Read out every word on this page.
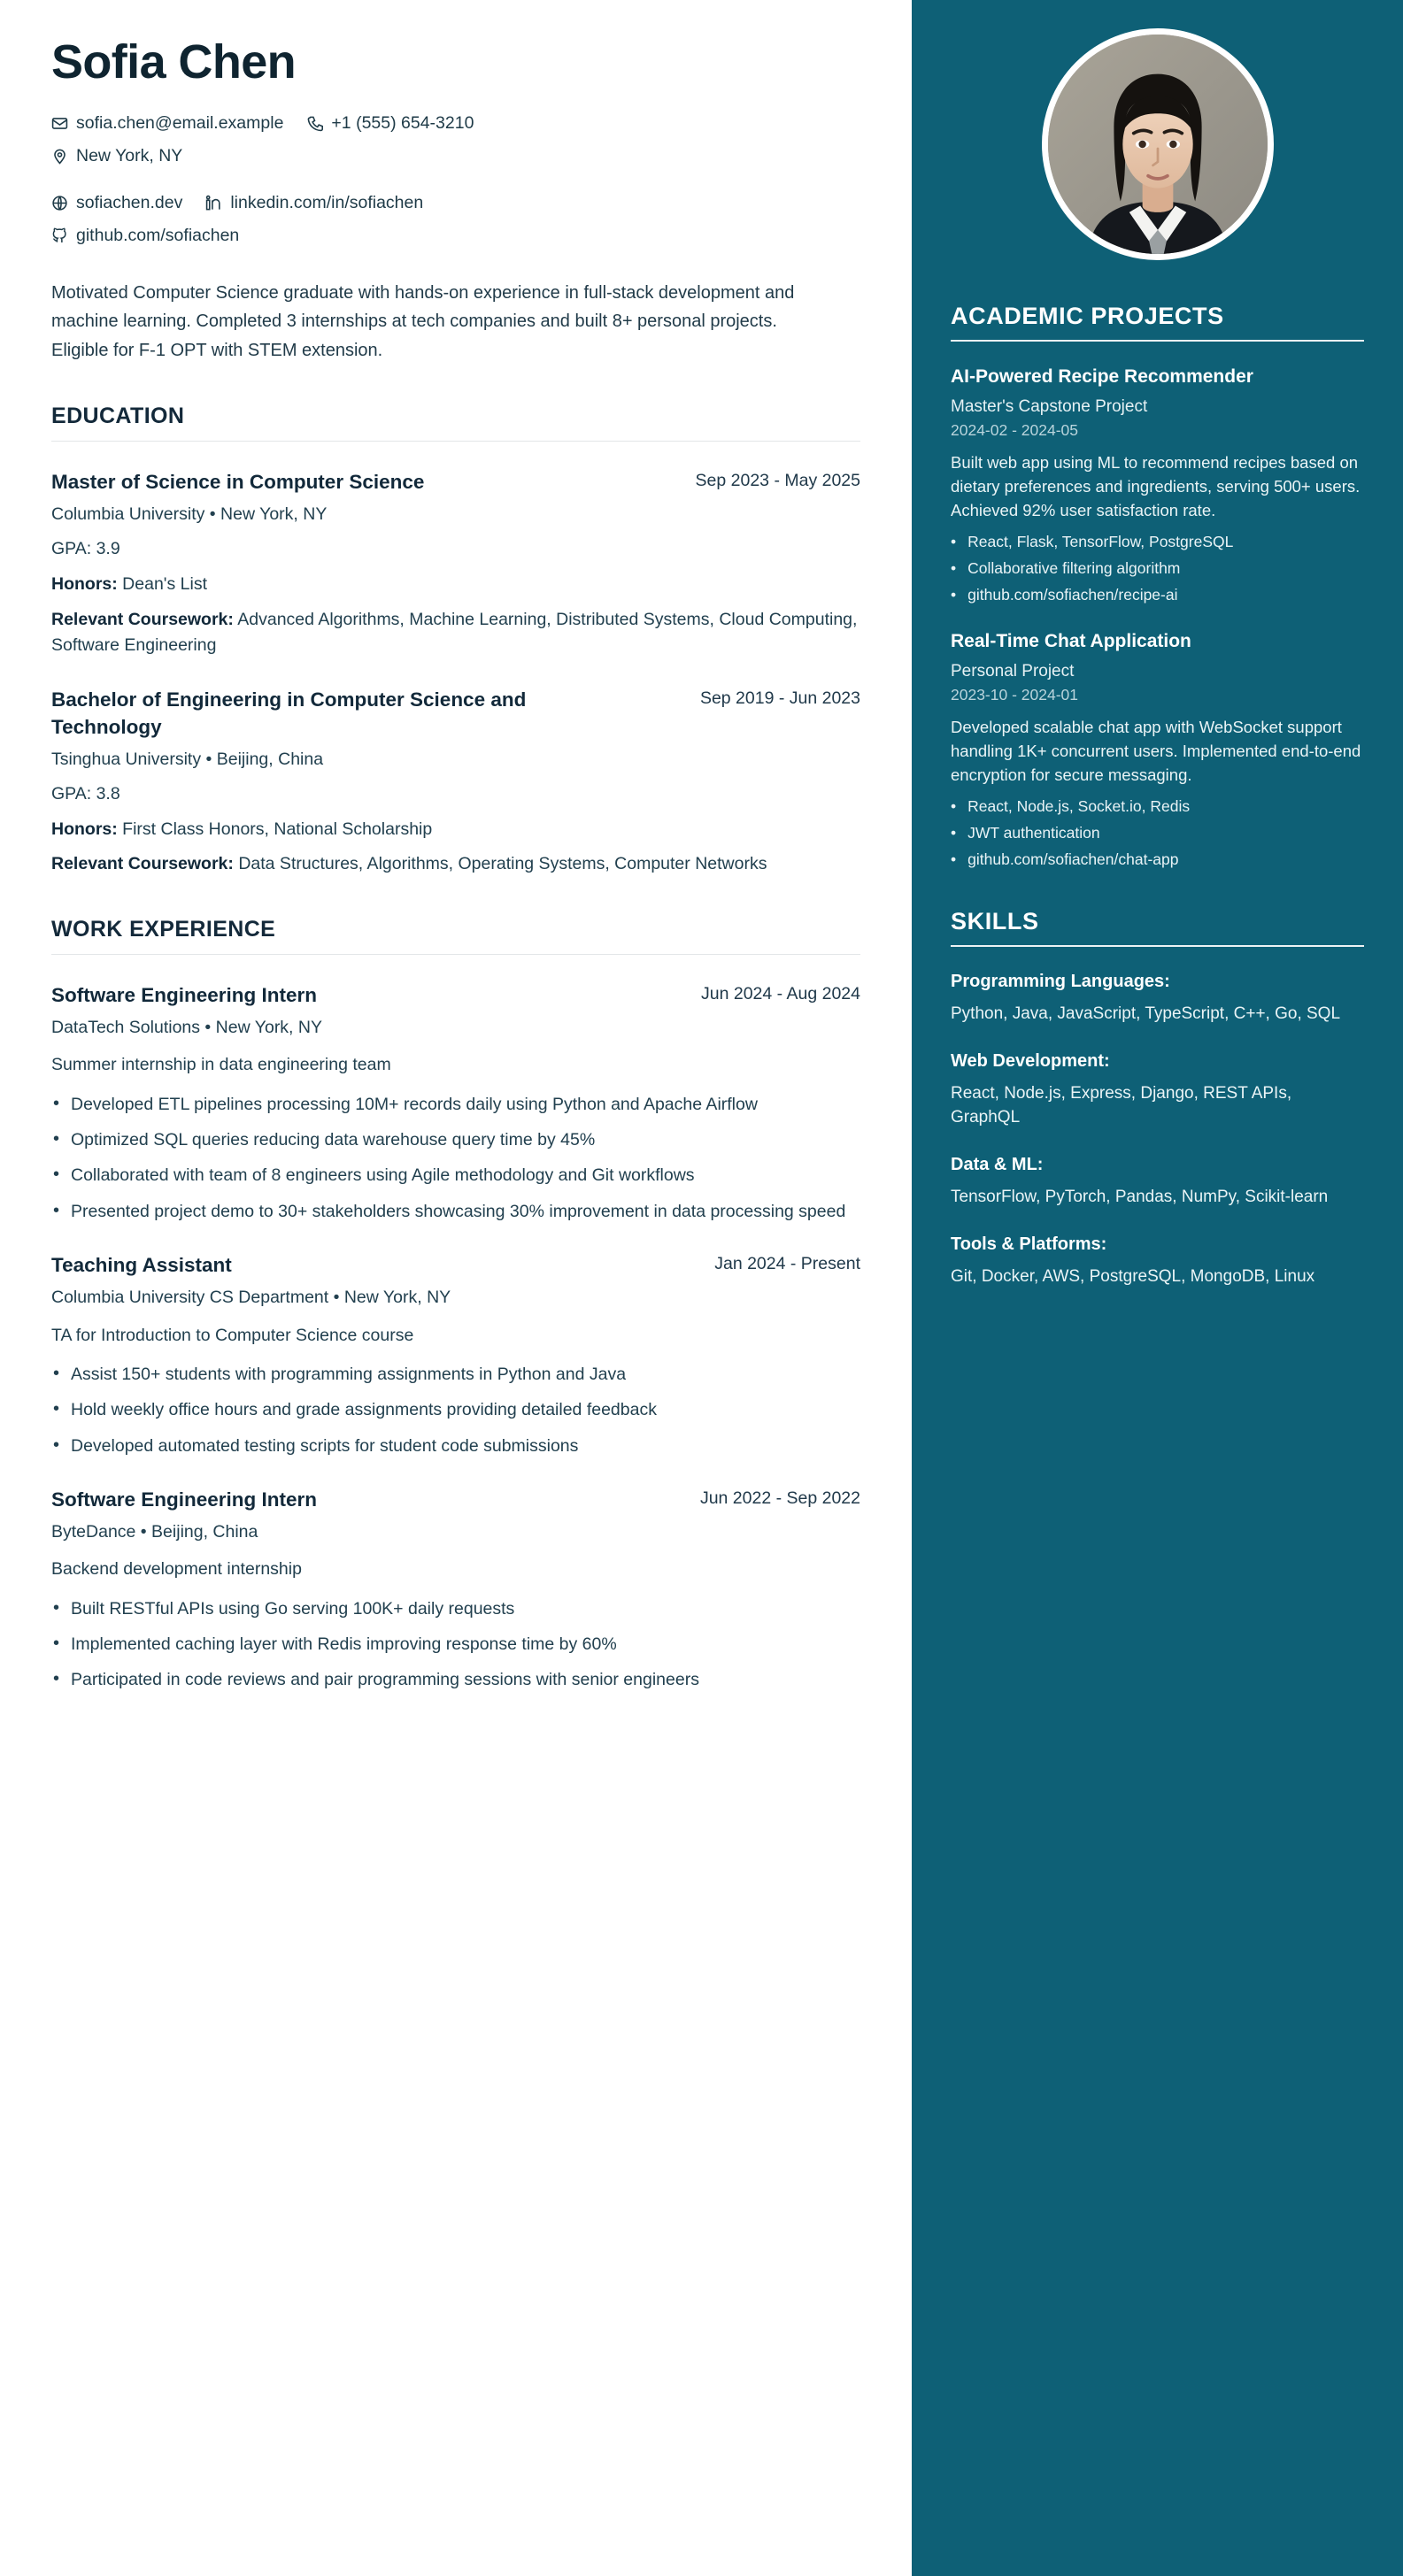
Sofia Chen
sofia.chen@email.example	+1 (555) 654-3210
New York, NY
sofiachen.dev	linkedin.com/in/sofiachen
github.com/sofiachen
Motivated Computer Science graduate with hands-on experience in full-stack development and machine learning. Completed 3 internships at tech companies and built 8+ personal projects. Eligible for F-1 OPT with STEM extension.
EDUCATION
Master of Science in Computer Science	Sep 2023 - May 2025
Columbia University • New York, NY
GPA: 3.9
Honors: Dean's List
Relevant Coursework: Advanced Algorithms, Machine Learning, Distributed Systems, Cloud Computing, Software Engineering
Bachelor of Engineering in Computer Science and Technology
Sep 2019 - Jun 2023
Tsinghua University • Beijing, China
GPA: 3.8
Honors: First Class Honors, National Scholarship
Relevant Coursework: Data Structures, Algorithms, Operating Systems, Computer Networks
WORK EXPERIENCE
Software Engineering Intern	Jun 2024 - Aug 2024
DataTech Solutions • New York, NY
Summer internship in data engineering team
• Developed ETL pipelines processing 10M+ records daily using Python and Apache Airflow
• Optimized SQL queries reducing data warehouse query time by 45%
• Collaborated with team of 8 engineers using Agile methodology and Git workflows
• Presented project demo to 30+ stakeholders showcasing 30% improvement in data processing speed
Teaching Assistant	Jan 2024 - Present
Columbia University CS Department • New York, NY
TA for Introduction to Computer Science course
• Assist 150+ students with programming assignments in Python and Java
• Hold weekly office hours and grade assignments providing detailed feedback
• Developed automated testing scripts for student code submissions
Software Engineering Intern	Jun 2022 - Sep 2022
ByteDance • Beijing, China
Backend development internship
• Built RESTful APIs using Go serving 100K+ daily requests
• Implemented caching layer with Redis improving response time by 60%
• Participated in code reviews and pair programming sessions with senior engineers
ACADEMIC PROJECTS
AI-Powered Recipe Recommender
Master's Capstone Project
2024-02 - 2024-05
Built web app using ML to recommend recipes based on dietary preferences and ingredients, serving 500+ users. Achieved 92% user satisfaction rate.
• React, Flask, TensorFlow, PostgreSQL
• Collaborative filtering algorithm
• github.com/sofiachen/recipe-ai
Real-Time Chat Application
Personal Project
2023-10 - 2024-01
Developed scalable chat app with WebSocket support handling 1K+ concurrent users. Implemented end-to-end encryption for secure messaging.
• React, Node.js, Socket.io, Redis
• JWT authentication
• github.com/sofiachen/chat-app
SKILLS
Programming Languages:
Python, Java, JavaScript, TypeScript, C++, Go, SQL
Web Development:
React, Node.js, Express, Django, REST APIs, GraphQL
Data & ML:
TensorFlow, PyTorch, Pandas, NumPy, Scikit-learn
Tools & Platforms:
Git, Docker, AWS, PostgreSQL, MongoDB, Linux
